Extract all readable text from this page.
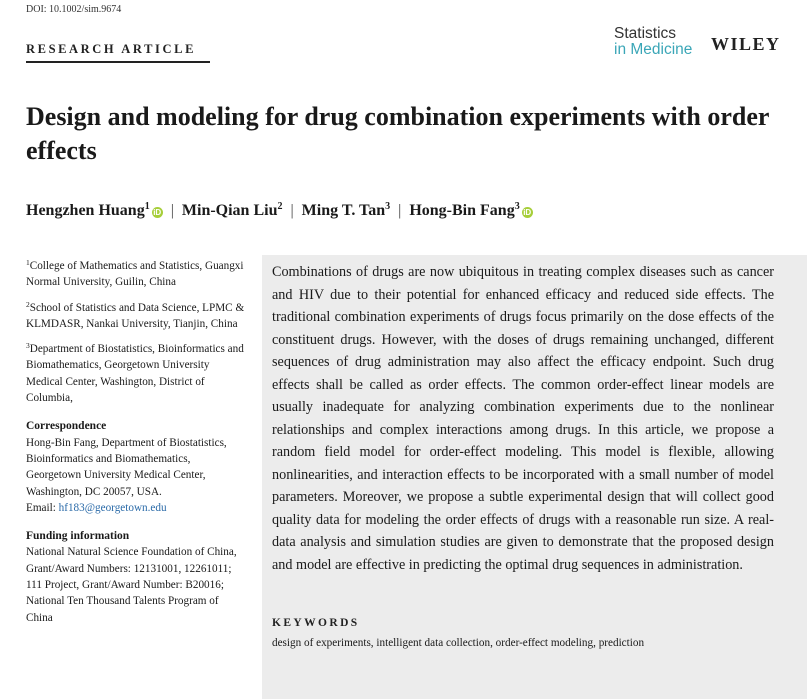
DOI: 10.1002/sim.9674
RESEARCH ARTICLE
Statistics
in Medicine WILEY
Design and modeling for drug combination experiments with order effects
Hengzhen Huang$^1$iD | Min-Qian Liu$^2$ | Ming T. Tan$^3$ | Hong-Bin Fang$^3$iD

$^1$College of Mathematics and Statistics, Guangxi Normal University, Guilin, China

$^2$School of Statistics and Data Science, LPMC & KLMDASR, Nankai University, Tianjin, China

$^3$Department of Biostatistics, Bioinformatics and Biomathematics, Georgetown University Medical Center, Washington, District of Columbia,

Correspondence

Hong-Bin Fang, Department of Biostatistics, Bioinformatics and Biomathematics, Georgetown University Medical Center, Washington, DC 20057, USA.

Email: hf183@georgetown.edu

Funding information

National Natural Science Foundation of China, Grant/Award Numbers: 12131001, 12261011; 111 Project, Grant/Award Number: B20016; National Ten Thousand Talents Program of China

Combinations of drugs are now ubiquitous in treating complex diseases such as cancer and HIV due to their potential for enhanced efficacy and reduced side effects. The traditional combination experiments of drugs focus primarily on the dose effects of the constituent drugs. However, with the doses of drugs remaining unchanged, different sequences of drug administration may also affect the efficacy endpoint. Such drug effects shall be called as order effects. The common order-effect linear models are usually inadequate for analyzing combination experiments due to the nonlinear relationships and complex interactions among drugs. In this article, we propose a random field model for order-effect modeling. This model is flexible, allowing nonlinearities, and interaction effects to be incorporated with a small number of model parameters. Moreover, we propose a subtle experimental design that will collect good quality data for modeling the order effects of drugs with a reasonable run size. A real-data analysis and simulation studies are given to demonstrate that the proposed design and model are effective in predicting the optimal drug sequences in administration.

KEYWORDS
design of experiments, intelligent data collection, order-effect modeling, prediction
